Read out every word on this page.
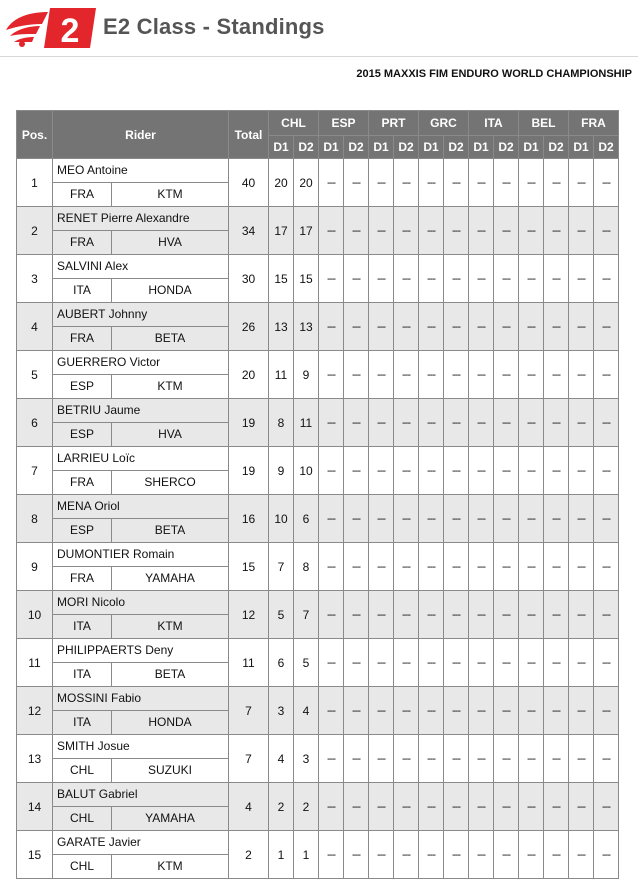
2 E2 Class - Standings
2015 MAXXIS FIM ENDURO WORLD CHAMPIONSHIP
Pos.	Rider	Total	CHL		ESP		PRT		GRC		ITA		BEL		FRA	
			D1	D2	D1	D2	D1	D2	D1	D2	D1	D2	D1	D2	D1	D2
1	MEO Antoine
FRA KTM	40	20	20	---	---	---	---	---	---	---	---	---	---	---	---
2	RENET Pierre Alexandre
FRA HVA	34	17	17	---	---	---	---	---	---	---	---	---	---	---	---
3	SALVINI Alex
ITA HONDA	30	15	15	---	---	---	---	---	---	---	---	---	---	---	---
4	AUBERT Johnny
FRA BETA	26	13	13	---	---	---	---	---	---	---	---	---	---	---	---
5	GUERRERO Victor
ESP KTM	20	11	9	---	---	---	---	---	---	---	---	---	---	---	---
6	BETRIU Jaume
ESP HVA	19	8	11	---	---	---	---	---	---	---	---	---	---	---	---
7	LARRIEU Loïc
FRA SHERCO	19	9	10	---	---	---	---	---	---	---	---	---	---	---	---
8	MENA Oriol
ESP BETA	16	10	6	---	---	---	---	---	---	---	---	---	---	---	---
9	DUMONTIER Romain
FRA YAMAHA	15	7	8	---	---	---	---	---	---	---	---	---	---	---	---
10	MORI Nicolo
ITA KTM	12	5	7	---	---	---	---	---	---	---	---	---	---	---	---
11	PHILIPPAERTS Deny
ITA BETA	11	6	5	---	---	---	---	---	---	---	---	---	---	---	---
12	MOSSINI Fabio
ITA HONDA	7	3	4	---	---	---	---	---	---	---	---	---	---	---	---
13	SMITH Josue
CHL SUZUKI	7	4	3	---	---	---	---	---	---	---	---	---	---	---	---
14	BALUT Gabriel
CHL YAMAHA	4	2	2	---	---	---	---	---	---	---	---	---	---	---	---
15	GARATE Javier
CHL KTM	2	1	1	---	---	---	---	---	---	---	---	---	---	---	---
